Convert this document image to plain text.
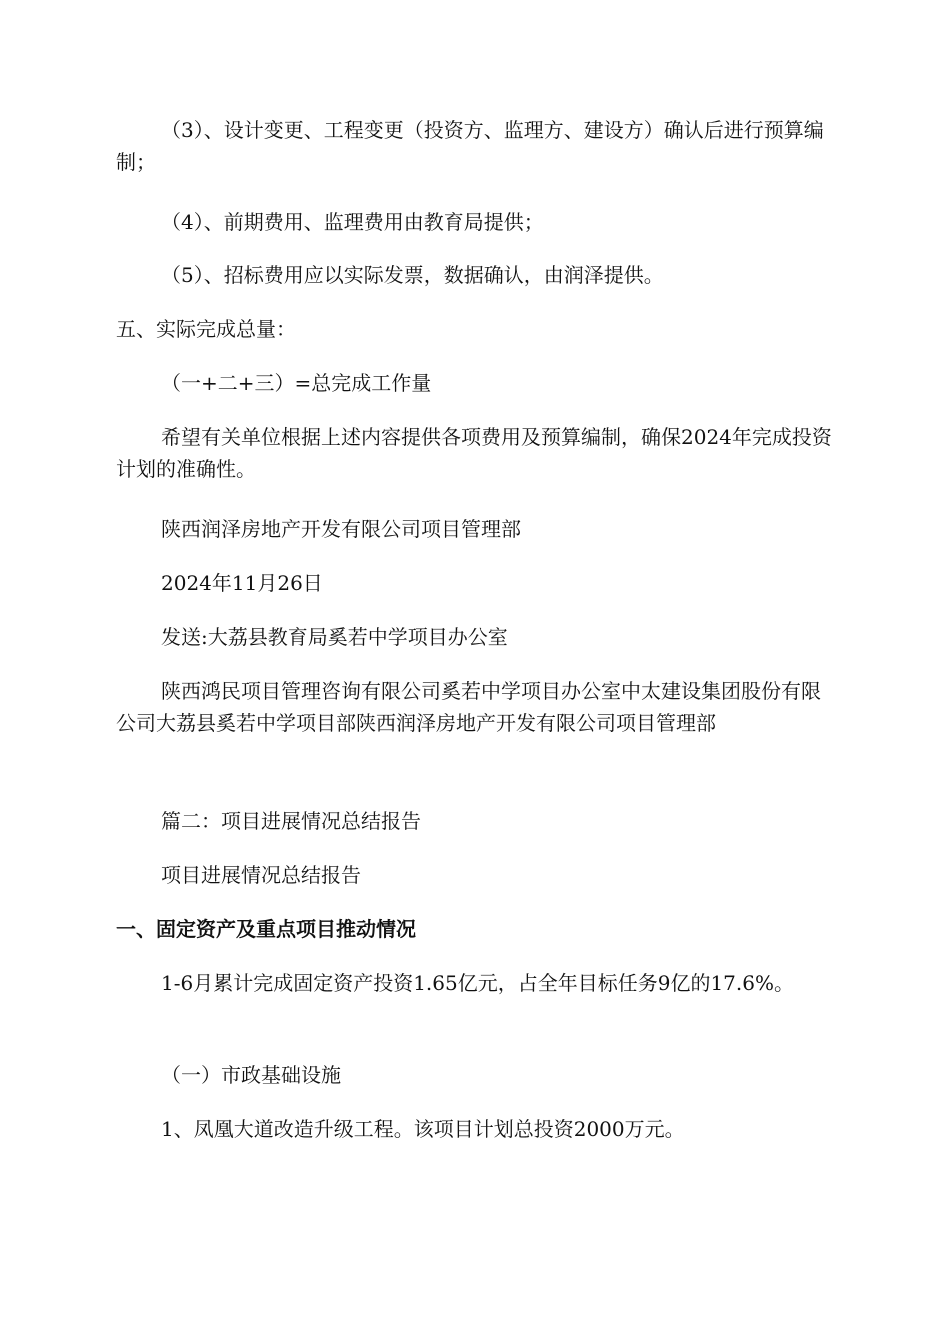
（3）、设计变更、工程变更（投资方、监理方、建设方）确认后进行预算编制；

（4）、前期费用、监理费用由教育局提供；

（5）、招标费用应以实际发票，数据确认，由润泽提供。

五、实际完成总量：

（一+二+三）=总完成工作量

希望有关单位根据上述内容提供各项费用及预算编制，确保2024年完成投资计划的准确性。

陕西润泽房地产开发有限公司项目管理部

2024年11月26日

发送:大荔县教育局奚若中学项目办公室

陕西鸿民项目管理咨询有限公司奚若中学项目办公室中太建设集团股份有限公司大荔县奚若中学项目部陕西润泽房地产开发有限公司项目管理部

篇二：项目进展情况总结报告

项目进展情况总结报告

一、固定资产及重点项目推动情况

1-6月累计完成固定资产投资1.65亿元，占全年目标任务9亿的17.6%。

（一）市政基础设施

1、凤凰大道改造升级工程。该项目计划总投资2000万元。
